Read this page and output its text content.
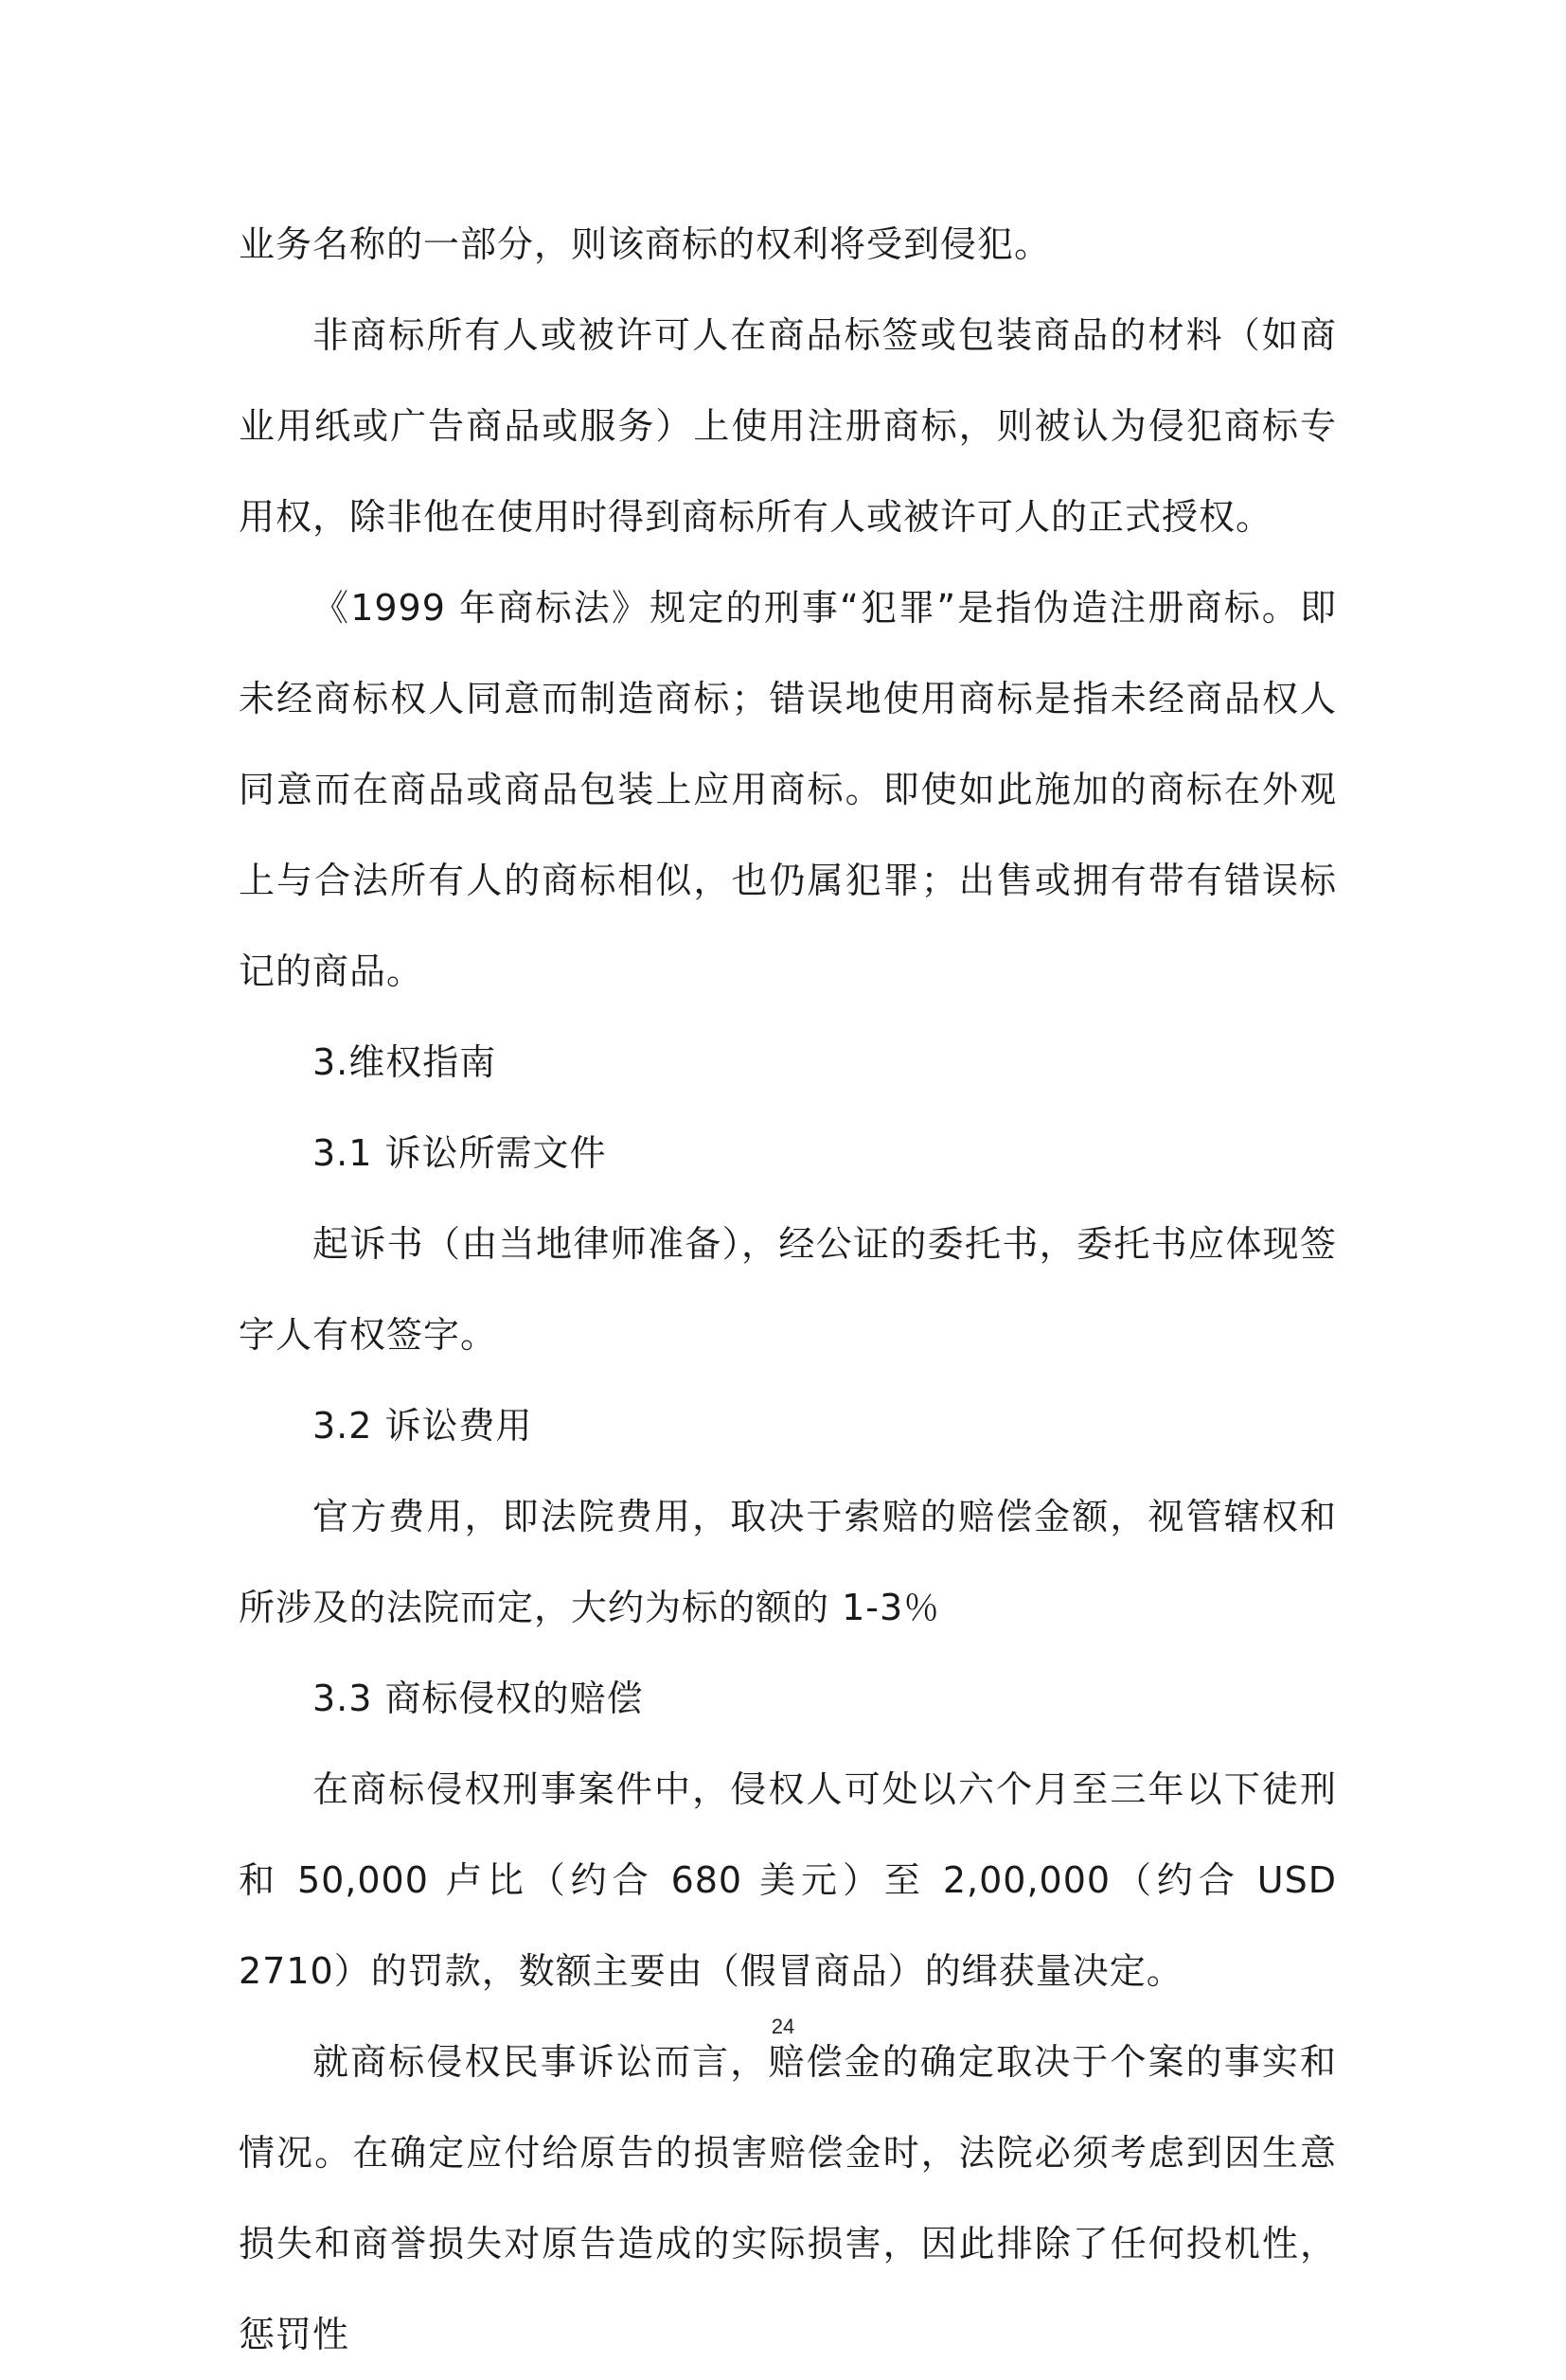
业务名称的一部分，则该商标的权利将受到侵犯。

非商标所有人或被许可人在商品标签或包装商品的材料（如商业用纸或广告商品或服务）上使用注册商标，则被认为侵犯商标专用权，除非他在使用时得到商标所有人或被许可人的正式授权。

《1999 年商标法》规定的刑事“犯罪”是指伪造注册商标。即未经商标权人同意而制造商标；错误地使用商标是指未经商品权人同意而在商品或商品包装上应用商标。即使如此施加的商标在外观上与合法所有人的商标相似，也仍属犯罪；出售或拥有带有错误标记的商品。

3.维权指南

3.1 诉讼所需文件

起诉书（由当地律师准备），经公证的委托书，委托书应体现签字人有权签字。

3.2 诉讼费用

官方费用，即法院费用，取决于索赔的赔偿金额，视管辖权和所涉及的法院而定，大约为标的额的 1-3％

3.3 商标侵权的赔偿

在商标侵权刑事案件中，侵权人可处以六个月至三年以下徒刑和 50,000 卢比（约合 680 美元）至 2,00,000（约合 USD 2710）的罚款，数额主要由（假冒商品）的缉获量决定。

就商标侵权民事诉讼而言，赔偿金的确定取决于个案的事实和情况。在确定应付给原告的损害赔偿金时，法院必须考虑到因生意损失和商誉损失对原告造成的实际损害，因此排除了任何投机性，惩罚性

24
